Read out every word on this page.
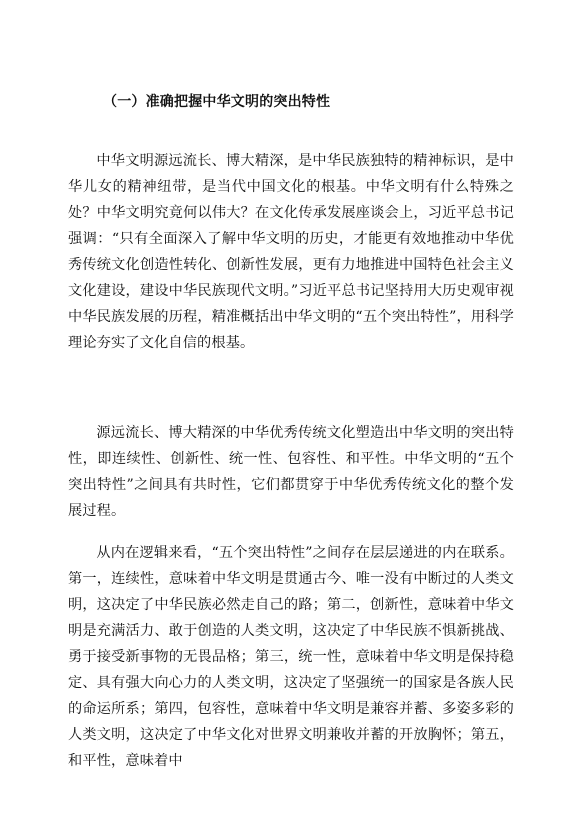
（一）准确把握中华文明的突出特性

中华文明源远流长、博大精深，是中华民族独特的精神标识，是中华儿女的精神纽带，是当代中国文化的根基。中华文明有什么特殊之处？中华文明究竟何以伟大？在文化传承发展座谈会上，习近平总书记强调：“只有全面深入了解中华文明的历史，才能更有效地推动中华优秀传统文化创造性转化、创新性发展，更有力地推进中国特色社会主义文化建设，建设中华民族现代文明。”习近平总书记坚持用大历史观审视中华民族发展的历程，精准概括出中华文明的“五个突出特性”，用科学理论夯实了文化自信的根基。

源远流长、博大精深的中华优秀传统文化塑造出中华文明的突出特性，即连续性、创新性、统一性、包容性、和平性。中华文明的“五个突出特性”之间具有共时性，它们都贯穿于中华优秀传统文化的整个发展过程。

从内在逻辑来看，“五个突出特性”之间存在层层递进的内在联系。第一，连续性，意味着中华文明是贯通古今、唯一没有中断过的人类文明，这决定了中华民族必然走自己的路；第二，创新性，意味着中华文明是充满活力、敢于创造的人类文明，这决定了中华民族不惧新挑战、勇于接受新事物的无畏品格；第三，统一性，意味着中华文明是保持稳定、具有强大向心力的人类文明，这决定了坚强统一的国家是各族人民的命运所系；第四，包容性，意味着中华文明是兼容并蓄、多姿多彩的人类文明，这决定了中华文化对世界文明兼收并蓄的开放胸怀；第五，和平性，意味着中
